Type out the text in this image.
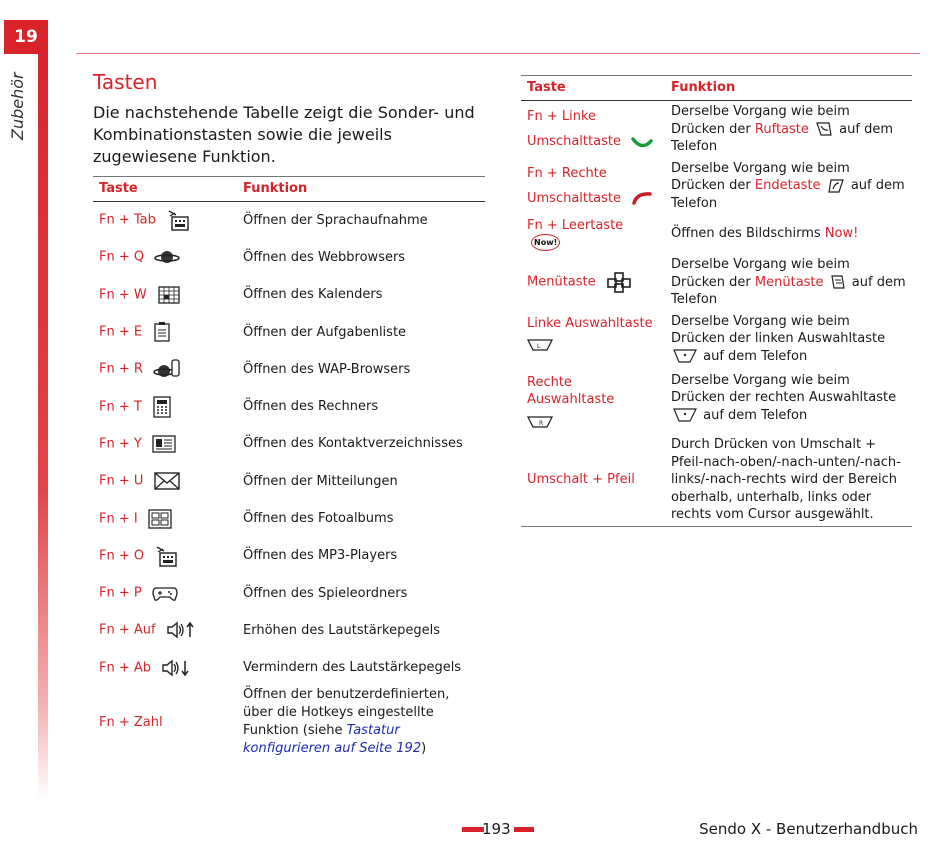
19
Zubehör	Tasten
Die nachstehende Tabelle zeigt die Sonder- und Kombinationstasten sowie die jeweils zugewiesene Funktion.
Taste	Funktion
Fn + Tab	Öffnen der Sprachaufnahme
Fn + Q	Öffnen des Webbrowsers
Fn + W	Öffnen des Kalenders
Fn + E	Öffnen der Aufgabenliste
Fn + R	Öffnen des WAP-Browsers
Fn + T	Öffnen des Rechners
Fn + Y	Öffnen des Kontaktverzeichnisses
Fn + U	Öffnen der Mitteilungen
Fn + I	Öffnen des Fotoalbums
Fn + O	Öffnen des MP3-Players
Fn + P	Öffnen des Spieleordners
Fn + Auf	Erhöhen des Lautstärkepegels
Fn + Ab	Vermindern des Lautstärkepegels
Fn + Zahl	Öffnen der benutzerdefinierten, über die Hotkeys eingestellte Funktion (siehe Tastatur konfigurieren auf Seite 192)
Taste	Funktion
Fn + Linke
Umschalttaste	Derselbe Vorgang wie beim Drücken der Ruftaste  auf dem Telefon
Fn + Rechte
Umschalttaste	Derselbe Vorgang wie beim Drücken der Endetaste  auf dem Telefon
Fn + Leertaste Now!	Öffnen des Bildschirms Now!
Menütaste	Derselbe Vorgang wie beim Drücken der Menütaste  auf dem Telefon
Linke Auswahltaste

L	Derselbe Vorgang wie beim Drücken der linken Auswahltaste  auf dem Telefon
Rechte Auswahltaste

R	Derselbe Vorgang wie beim Drücken der rechten Auswahltaste  auf dem Telefon
Umschalt + Pfeil	Durch Drücken von Umschalt + Pfeil-nach-oben/-nach-unten/-nach-links/-nach-rechts wird der Bereich oberhalb, unterhalb, links oder rechts vom Cursor ausgewählt.
193	Sendo X - Benutzerhandbuch
